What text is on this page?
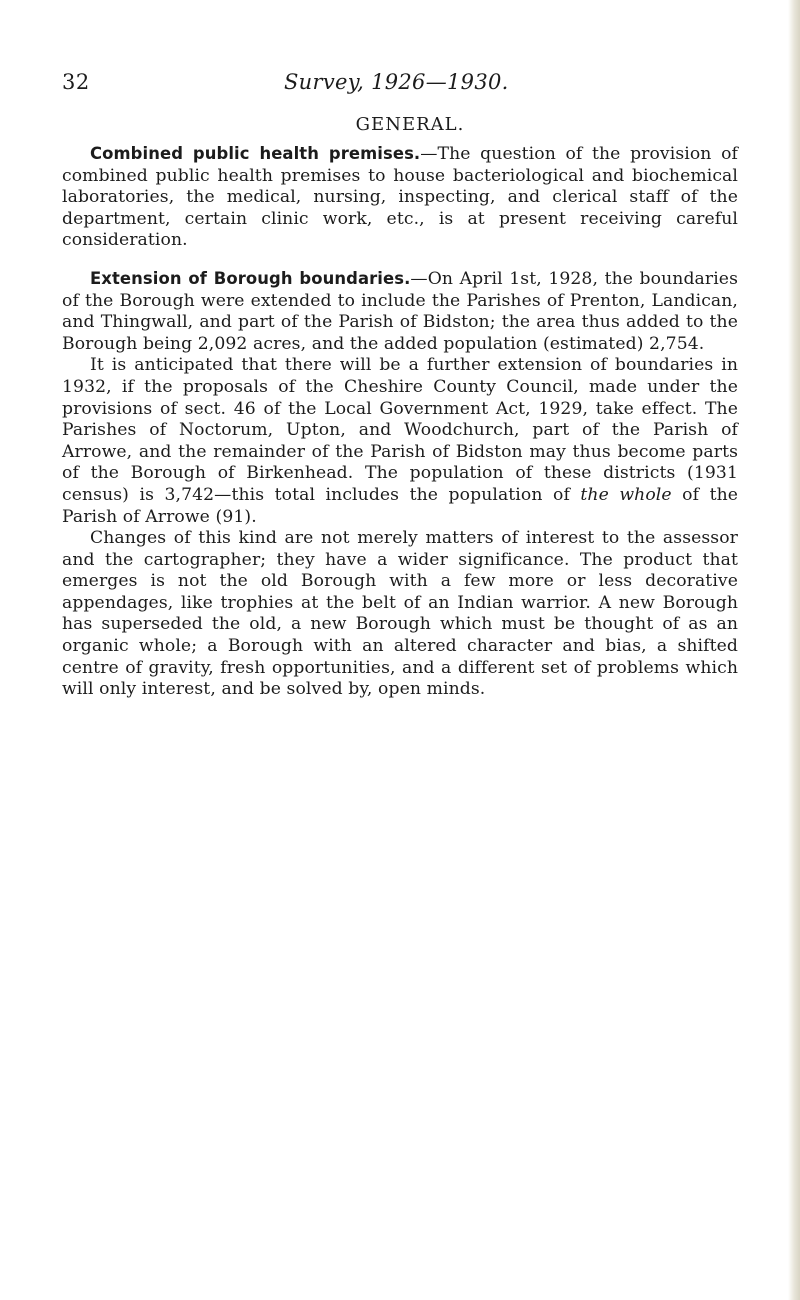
32	Survey, 1926—1930.
GENERAL.

Combined public health premises.—The question of the provision of combined public health premises to house bacteriological and biochemical laboratories, the medical, nursing, inspecting, and clerical staff of the department, certain clinic work, etc., is at present receiving careful consideration.

Extension of Borough boundaries.—On April 1st, 1928, the boundaries of the Borough were extended to include the Parishes of Prenton, Landican, and Thingwall, and part of the Parish of Bidston; the area thus added to the Borough being 2,092 acres, and the added population (estimated) 2,754.

It is anticipated that there will be a further extension of boundaries in 1932, if the proposals of the Cheshire County Council, made under the provisions of sect. 46 of the Local Government Act, 1929, take effect. The Parishes of Noctorum, Upton, and Woodchurch, part of the Parish of Arrowe, and the remainder of the Parish of Bidston may thus become parts of the Borough of Birkenhead. The population of these districts (1931 census) is 3,742—this total includes the population of the whole of the Parish of Arrowe (91).

Changes of this kind are not merely matters of interest to the assessor and the cartographer; they have a wider significance. The product that emerges is not the old Borough with a few more or less decorative appendages, like trophies at the belt of an Indian warrior. A new Borough has superseded the old, a new Borough which must be thought of as an organic whole; a Borough with an altered character and bias, a shifted centre of gravity, fresh opportunities, and a different set of problems which will only interest, and be solved by, open minds.
